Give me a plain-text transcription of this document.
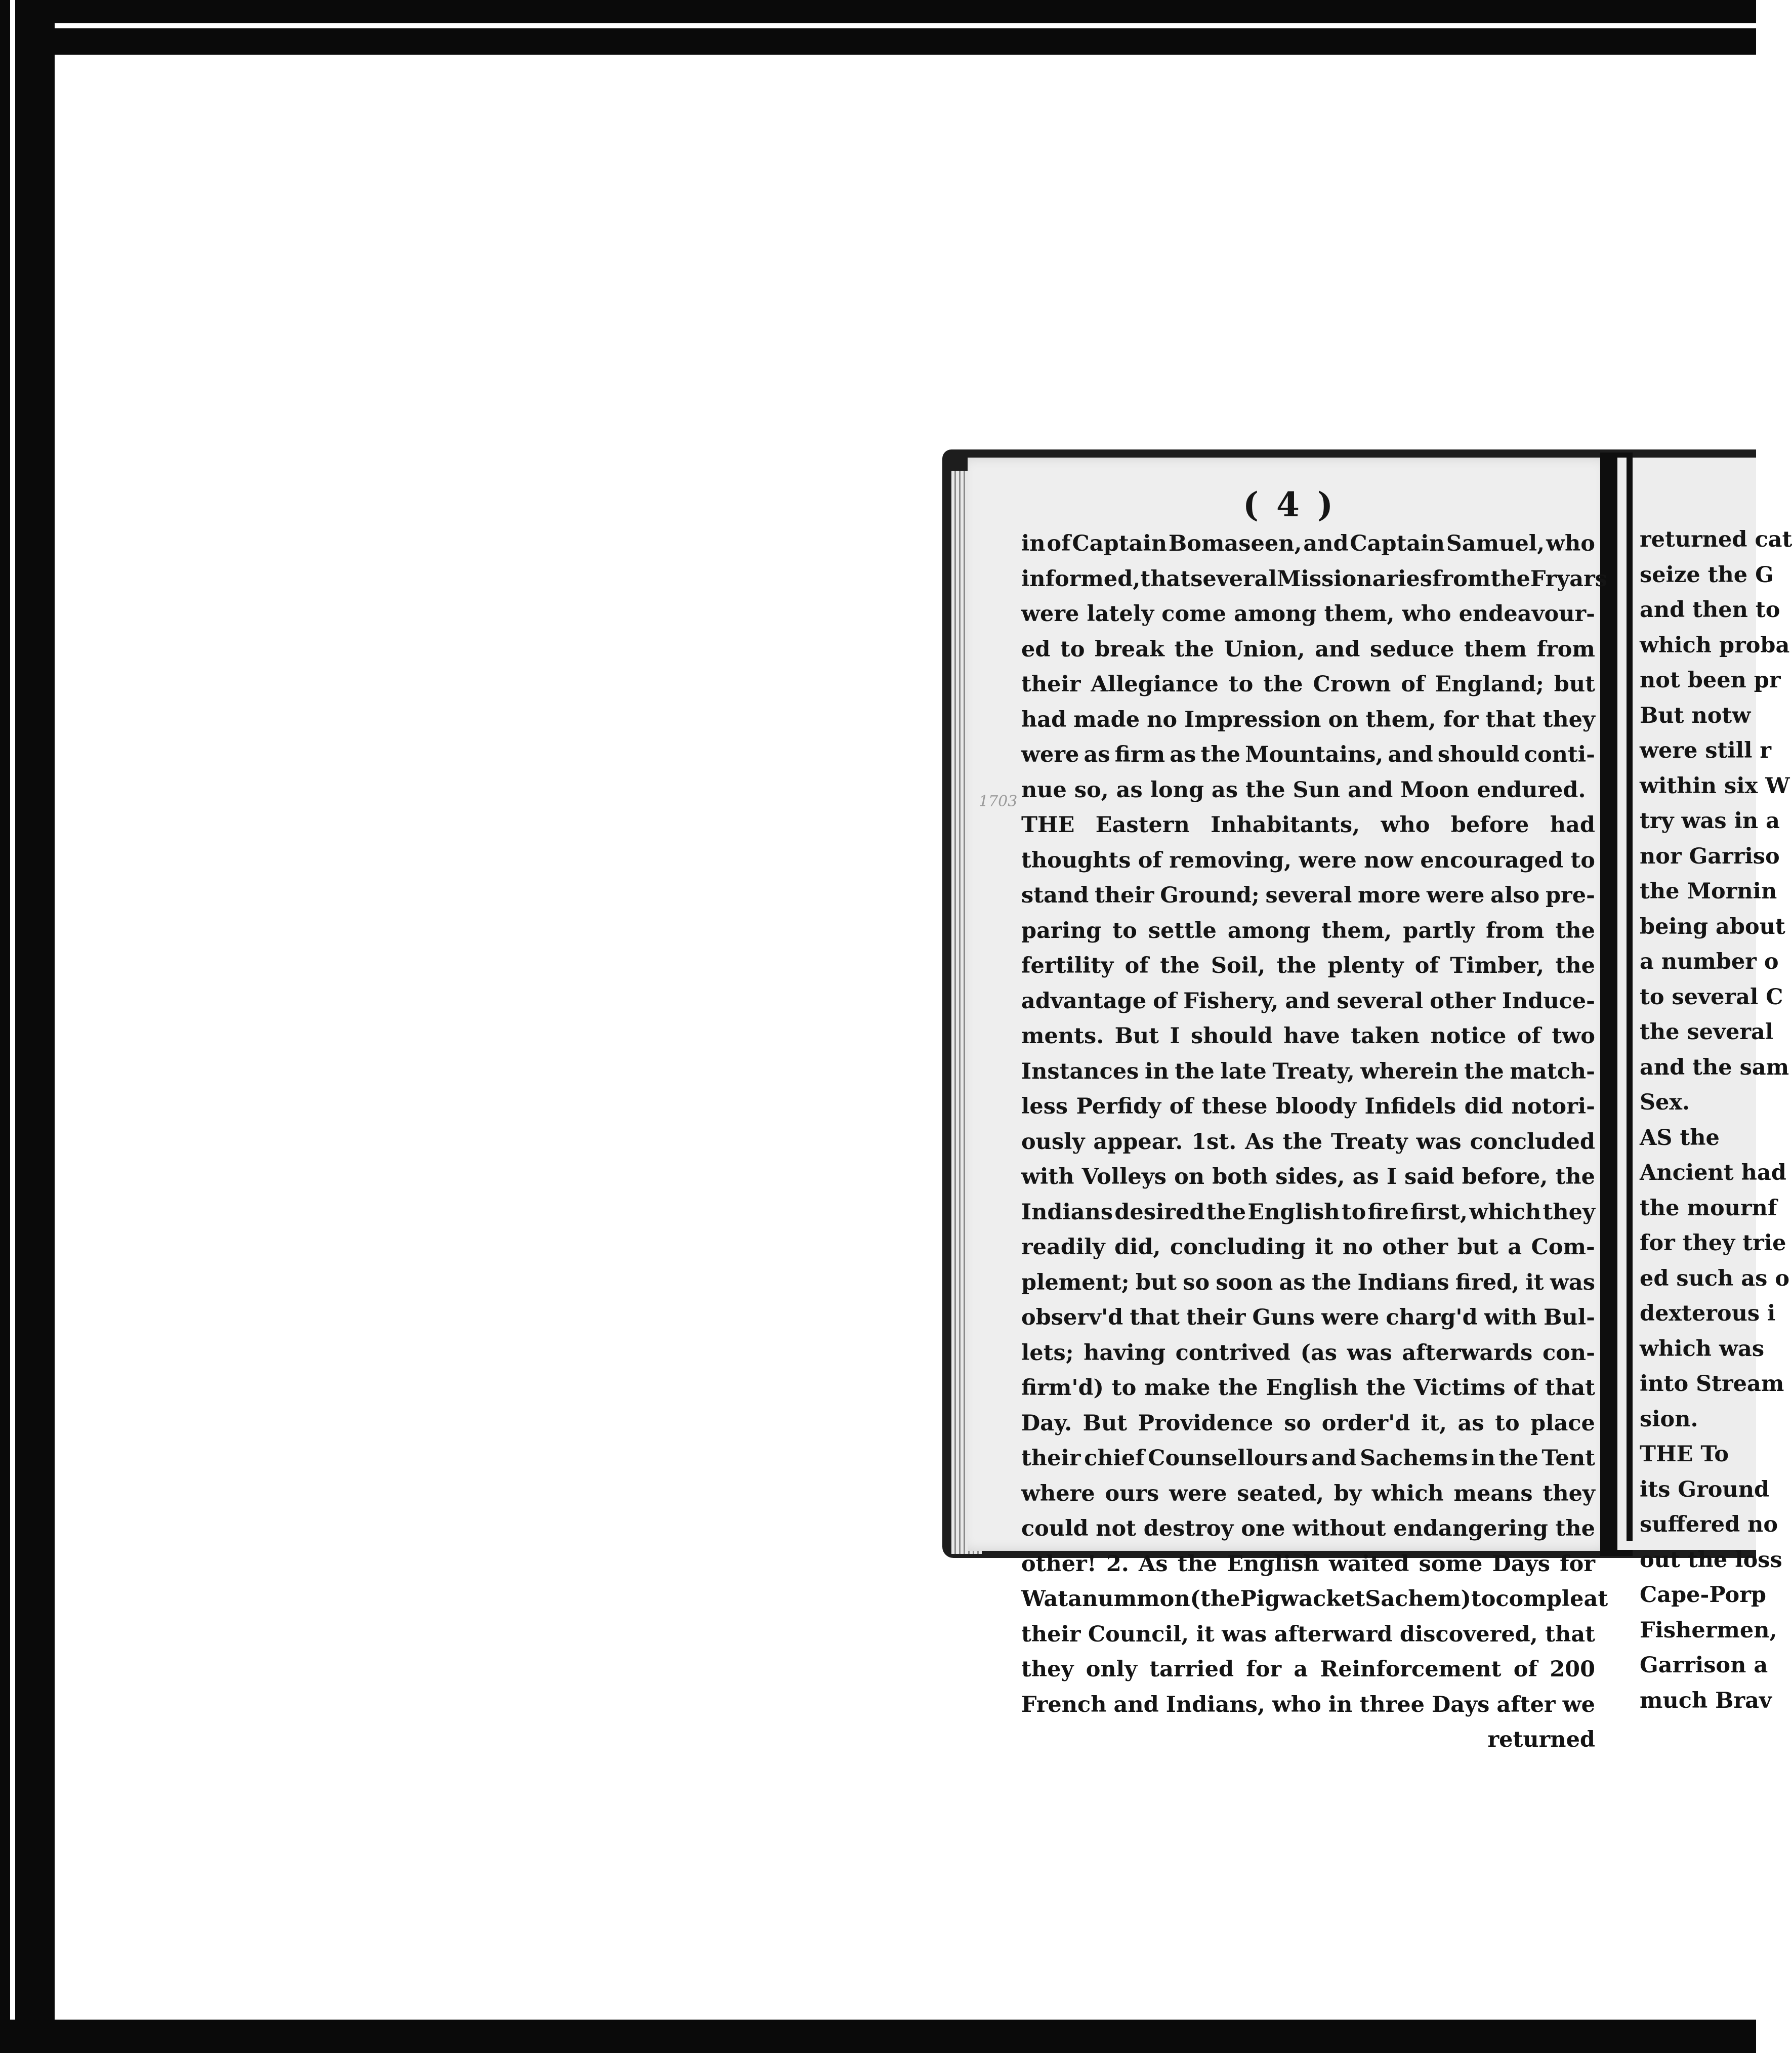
( 4 )
1703
in of Captain Bomaseen, and Captain Samuel, who
informed, that several Missionaries from the Fryars
were lately come among them, who endeavour-
ed to break the Union, and seduce them from
their Allegiance to the Crown of England; but
had made no Impression on them, for that they
were as firm as the Mountains, and should conti-
nue so, as long as the Sun and Moon endured.
THE Eastern Inhabitants, who before had
thoughts of removing, were now encouraged to
stand their Ground; several more were also pre-
paring to settle among them, partly from the
fertility of the Soil, the plenty of Timber, the
advantage of Fishery, and several other Induce-
ments. But I should have taken notice of two
Instances in the late Treaty, wherein the match-
less Perfidy of these bloody Infidels did notori-
ously appear. 1st. As the Treaty was concluded
with Volleys on both sides, as I said before, the
Indians desired the English to fire first, which they
readily did, concluding it no other but a Com-
plement; but so soon as the Indians fired, it was
observ'd that their Guns were charg'd with Bul-
lets; having contrived (as was afterwards con-
firm'd) to make the English the Victims of that
Day. But Providence so order'd it, as to place
their chief Counsellours and Sachems in the Tent
where ours were seated, by which means they
could not destroy one without endangering the
other! 2. As the English waited some Days for
Watanummon (the Pigwacket Sachem) to compleat
their Council, it was afterward discovered, that
they only tarried for a Reinforcement of 200
French and Indians, who in three Days after we
returned
returned cat
seize the G
and then to
which proba
not been pr
But notw
were still r
within six W
try was in a
nor Garriso
the Mornin
being about
a number o
to several C
the several
and the sam
Sex.
AS the
Ancient had
the mournf
for they trie
ed such as o
dexterous i
which was
into Stream
sion.
THE To
its Ground
suffered no
out the loss
Cape-Porp
Fishermen,
Garrison a
much Brav
